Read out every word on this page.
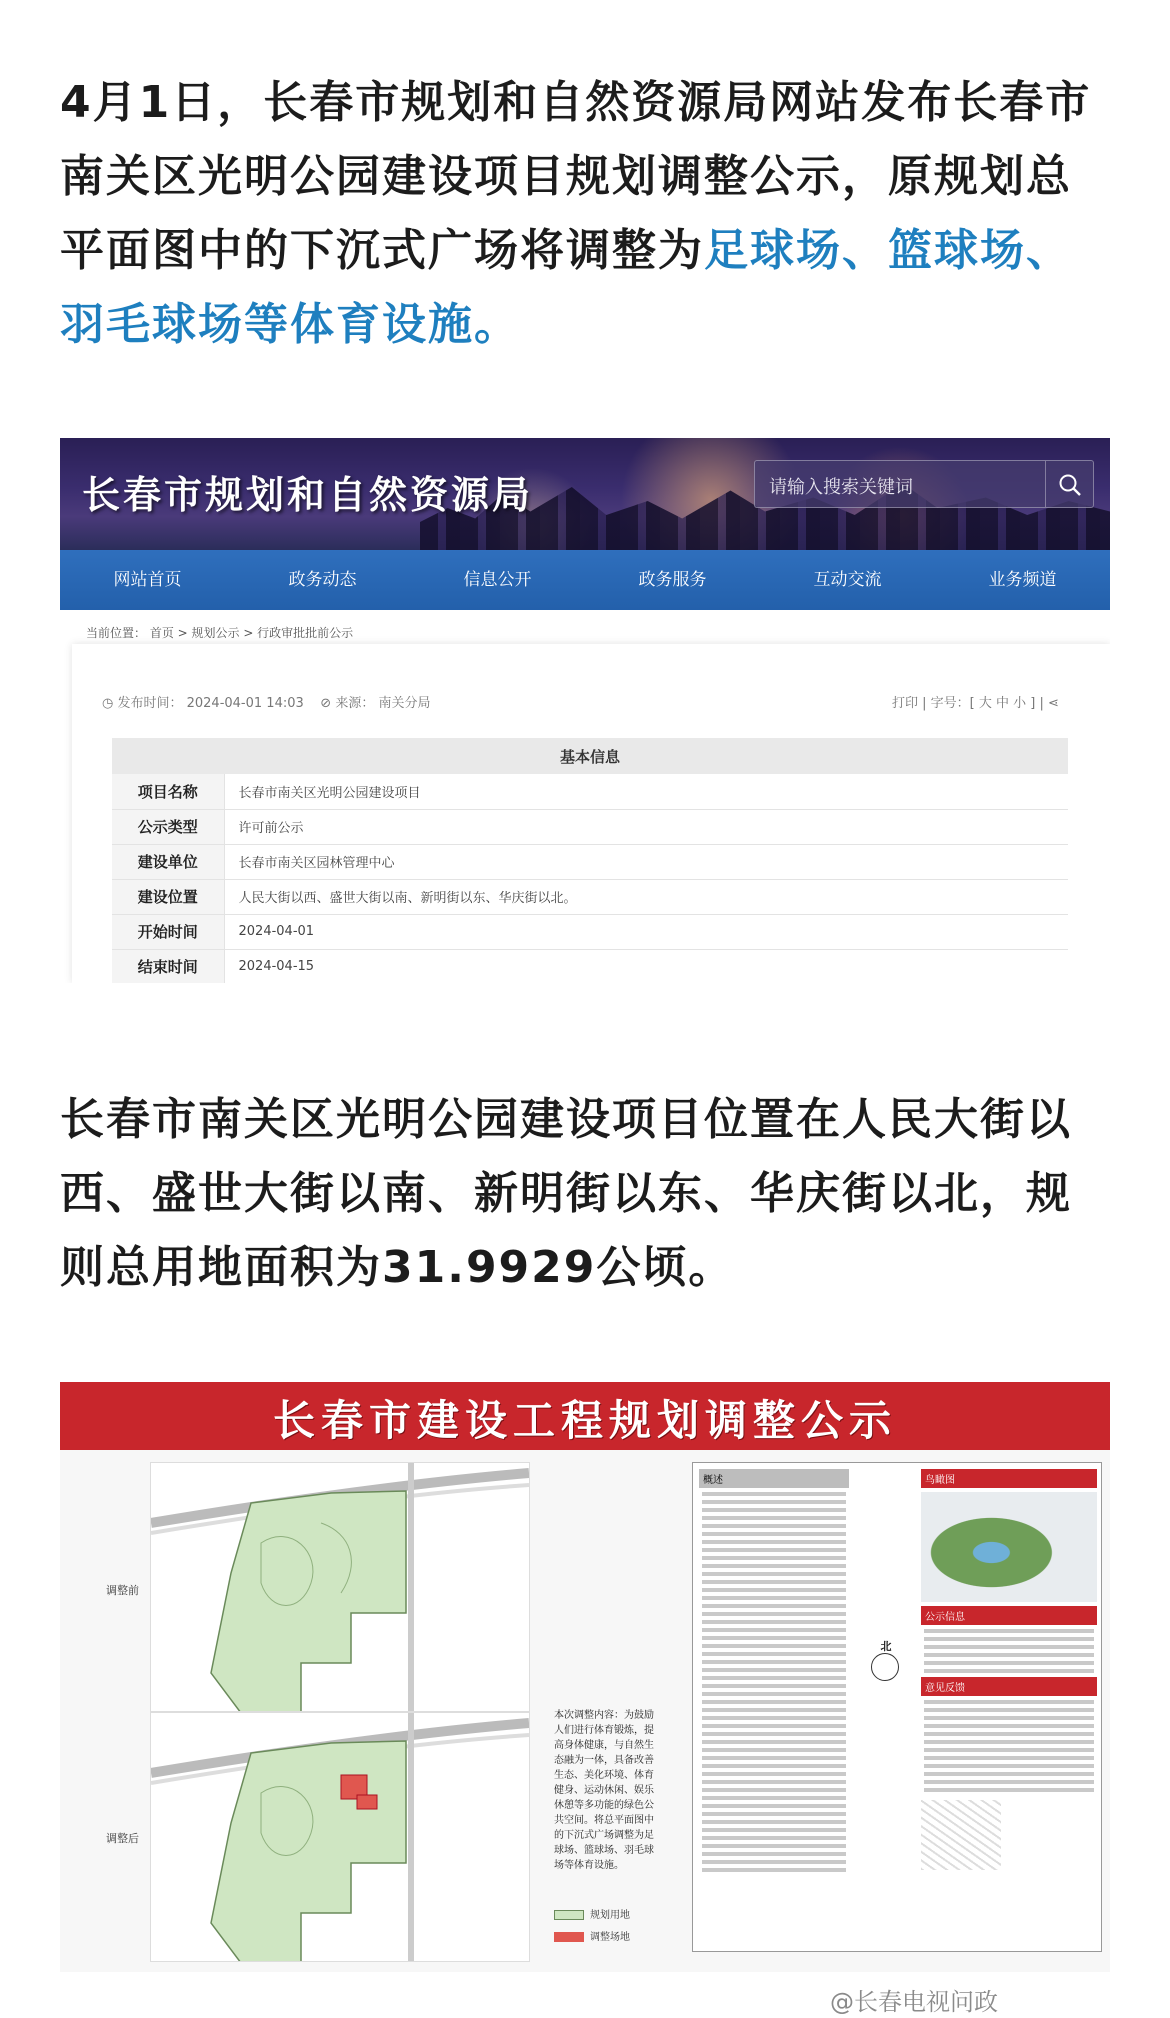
4月1日，长春市规划和自然资源局网站发布长春市南关区光明公园建设项目规划调整公示，原规划总平面图中的下沉式广场将调整为足球场、篮球场、羽毛球场等体育设施。
长春市规划和自然资源局	请输入搜索关键词
网站首页	政务动态	信息公开	政务服务	互动交流	业务频道
当前位置： 首页 > 规划公示 > 行政审批批前公示
◷ 发布时间： 2024-04-01 14:03 ⊘ 来源： 南关分局	打印 | 字号：[ 大 中 小 ] | ⋖
基本信息	
项目名称	长春市南关区光明公园建设项目
公示类型	许可前公示
建设单位	长春市南关区园林管理中心
建设位置	人民大街以西、盛世大街以南、新明街以东、华庆街以北。
开始时间	2024-04-01
结束时间	2024-04-15
长春市南关区光明公园建设项目位置在人民大街以西、盛世大街以南、新明街以东、华庆街以北，规则总用地面积为31.9929公顷。
长春市建设工程规划调整公示
调整前
调整后
本次调整内容：为鼓励人们进行体育锻炼，提高身体健康，与自然生态融为一体，具备改善生态、美化环境、体育健身、运动休闲、娱乐休憩等多功能的绿色公共空间。将总平面图中的下沉式广场调整为足球场、篮球场、羽毛球场等体育设施。
规划用地
调整场地
概述
北
鸟瞰图
公示信息
意见反馈
@长春电视问政
